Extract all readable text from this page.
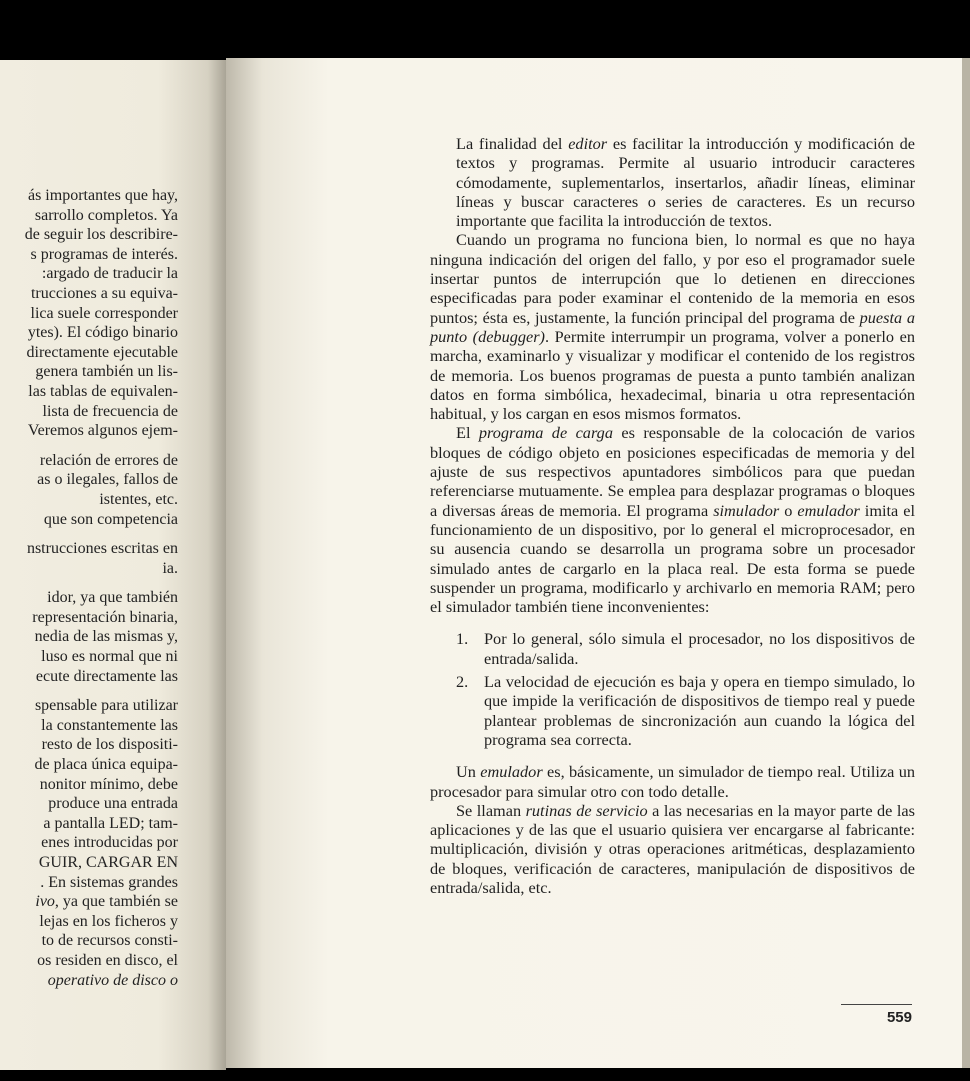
ás importantes que hay,
sarrollo completos. Ya
de seguir los describire-
s programas de interés.
:argado de traducir la
trucciones a su equiva-
lica suele corresponder
ytes). El código binario
directamente ejecutable
genera también un lis-
las tablas de equivalen-
lista de frecuencia de
Veremos algunos ejem-
relación de errores de
as o ilegales, fallos de
istentes, etc.
que son competencia
nstrucciones escritas en
ia.
idor, ya que también
representación binaria,
nedia de las mismas y,
luso es normal que ni
ecute directamente las
spensable para utilizar
la constantemente las
resto de los dispositi-
de placa única equipa-
nonitor mínimo, debe
produce una entrada
a pantalla LED; tam-
enes introducidas por
GUIR, CARGAR EN
. En sistemas grandes
ivo, ya que también se
lejas en los ficheros y
to de recursos consti-
os residen en disco, el
operativo de disco o

La finalidad del editor es facilitar la introducción y modificación de textos y programas. Permite al usuario introducir caracteres cómodamente, suplementarlos, insertarlos, añadir líneas, eliminar líneas y buscar caracteres o series de caracteres. Es un recurso importante que facilita la introducción de textos.

Cuando un programa no funciona bien, lo normal es que no haya ninguna indicación del origen del fallo, y por eso el programador suele insertar puntos de interrupción que lo detienen en direcciones especificadas para poder examinar el contenido de la memoria en esos puntos; ésta es, justamente, la función principal del programa de puesta a punto (debugger). Permite interrumpir un programa, volver a ponerlo en marcha, examinarlo y visualizar y modificar el contenido de los registros de memoria. Los buenos programas de puesta a punto también analizan datos en forma simbólica, hexadecimal, binaria u otra representación habitual, y los cargan en esos mismos formatos.

El programa de carga es responsable de la colocación de varios bloques de código objeto en posiciones especificadas de memoria y del ajuste de sus respectivos apuntadores simbólicos para que puedan referenciarse mutuamente. Se emplea para desplazar programas o bloques a diversas áreas de memoria. El programa simulador o emulador imita el funcionamiento de un dispositivo, por lo general el microprocesador, en su ausencia cuando se desarrolla un programa sobre un procesador simulado antes de cargarlo en la placa real. De esta forma se puede suspender un programa, modificarlo y archivarlo en memoria RAM; pero el simulador también tiene inconvenientes:

1. Por lo general, sólo simula el procesador, no los dispositivos de entrada/salida.
2. La velocidad de ejecución es baja y opera en tiempo simulado, lo que impide la verificación de dispositivos de tiempo real y puede plantear problemas de sincronización aun cuando la lógica del programa sea correcta.

Un emulador es, básicamente, un simulador de tiempo real. Utiliza un procesador para simular otro con todo detalle.

Se llaman rutinas de servicio a las necesarias en la mayor parte de las aplicaciones y de las que el usuario quisiera ver encargarse al fabricante: multiplicación, división y otras operaciones aritméticas, desplazamiento de bloques, verificación de caracteres, manipulación de dispositivos de entrada/salida, etc.

559
